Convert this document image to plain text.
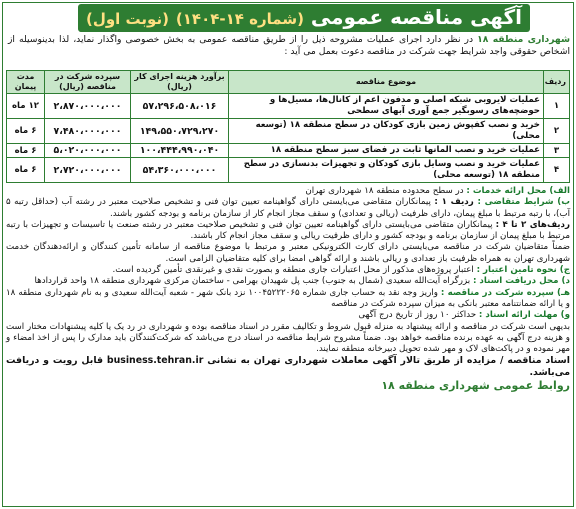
آگهی مناقصه عمومی (شماره ۱۴-۱۴۰۴) (نوبت اول)
شهرداری منطقه ۱۸ در نظر دارد اجرای عملیات مشروحه ذیل را از طریق مناقصه عمومی به بخش خصوصی واگذار نماید، لذا بدینوسیله از اشخاص حقوقی واجد شرایط جهت شرکت در مناقصه دعوت بعمل می آید :
ردیف	موضوع مناقصه	برآورد هزینه اجرای کار (ریال)	سپرده شرکت در مناقصه (ریال)	مدت پیمان
۱	عملیات لایروبی شبکه اصلی و مدفون اعم از کانال‌ها، مسیل‌ها و حوضچه‌های رسوبگیر جمع آوری آبهای سطحی	۵۷،۲۹۶،۵۰۸،۰۱۶	۲،۸۷۰،۰۰۰،۰۰۰	۱۲ ماه
۲	خرید و نصب کفپوش زمین بازی کودکان در سطح منطقه ۱۸ (توسعه محلی)	۱۴۹،۵۵۰،۷۲۹،۲۷۰	۷،۴۸۰،۰۰۰،۰۰۰	۶ ماه
۳	عملیات خرید و نصب المانها ثابت در فضای سبز سطح منطقه ۱۸	۱۰۰،۴۴۴،۹۹۰،۰۴۰	۵،۰۲۰،۰۰۰،۰۰۰	۶ ماه
۴	عملیات خرید و نصب وسایل بازی کودکان و تجهیزات بدنسازی در سطح منطقه ۱۸ (توسعه محلی)	۵۴،۳۶۰،۰۰۰،۰۰۰	۲،۷۲۰،۰۰۰،۰۰۰	۶ ماه

الف) محل ارائه خدمات : در سطح محدوده منطقه ۱۸ شهرداری تهران

ب) شرایط متقاضی : ردیف ۱ : پیمانکاران متقاضی می‌بایستی دارای گواهینامه تعیین توان فنی و تشخیص صلاحیت معتبر در رشته آب (حداقل رتبه ۵ آب)، با رتبه مرتبط با مبلغ پیمان، دارای ظرفیت (ریالی و تعدادی) و سقف مجاز انجام کار از سازمان برنامه و بودجه کشور باشند.

ردیف‌های ۲ تا ۴ : پیمانکاران متقاضی می‌بایستی دارای گواهینامه تعیین توان فنی و تشخیص صلاحیت معتبر در رشته صنعت یا تاسیسات و تجهیزات با رتبه مرتبط با مبلغ پیمان از سازمان برنامه و بودجه کشور و دارای ظرفیت ریالی و سقف مجاز انجام کار باشند.

ضمناً متقاضیان شرکت در مناقصه می‌بایستی دارای کارت الکترونیکی معتبر و مرتبط با موضوع مناقصه از سامانه تأمین کنندگان و ارائه‌دهندگان خدمت شهرداری تهران به همراه ظرفیت باز تعدادی و ریالی باشند و ارائه گواهی امضا برای کلیه متقاضیان الزامی است.

ج) نحوه تامین اعتبار : اعتبار پروژه‌های مذکور از محل اعتبارات جاری منطقه و بصورت نقدی و غیرنقدی تأمین گردیده است.

د) محل دریافت اسناد : بزرگراه آیت‌الله سعیدی (شمال به جنوب) جنب پل شهیدان بهرامی - ساختمان مرکزی شهرداری منطقه ۱۸ واحد قراردادها

هـ) سپرده شرکت در مناقصه : واریز وجه نقد به حساب جاری شماره ۱۰۰۴۵۲۲۲۰۶۵ نزد بانک شهر - شعبه آیت‌الله سعیدی و به نام شهرداری منطقه ۱۸ و یا ارائه ضمانتنامه معتبر بانکی به میزان سپرده شرکت در مناقصه

و) مهلت ارائه اسناد : حداکثر ۱۰ روز از تاریخ درج آگهی

بدیهی است شرکت در مناقصه و ارائه پیشنهاد به منزله قبول شروط و تکالیف مقرر در اسناد مناقصه بوده و شهرداری در رد یک یا کلیه پیشنهادات مختار است و هزینه درج آگهی به عهده برنده مناقصه خواهد بود. ضمناً مشروح شرایط مناقصه در اسناد درج می‌باشد که شرکت‌کنندگان باید مدارک را پس از اخذ امضاء و مهر نموده و در پاکت‌های لاک و مهر شده تحویل دبیرخانه منطقه نمایند.

اسناد مناقصه / مزایده از طریق تالار آگهی معاملات شهرداری تهران به نشانی business.tehran.ir قابل رویت و دریافت می‌باشد.

روابط عمومی شهرداری منطقه ۱۸
